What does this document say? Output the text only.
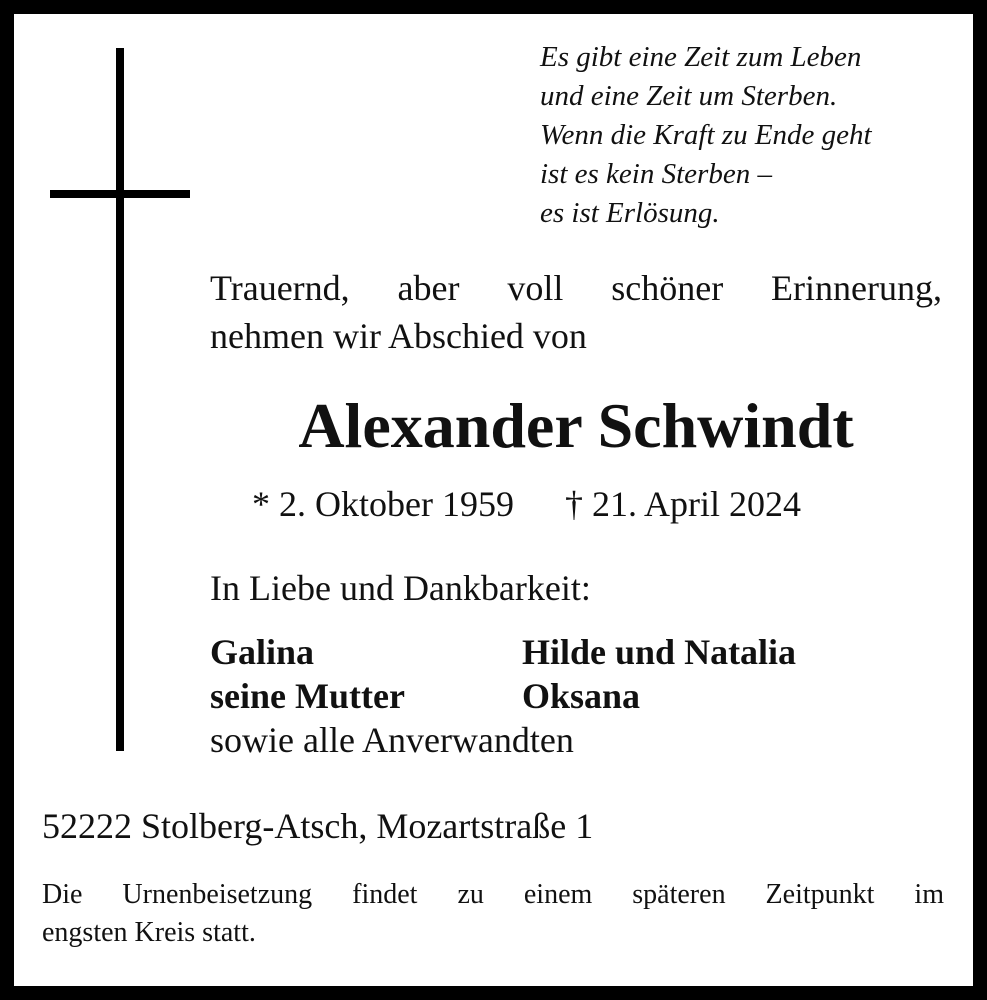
Es gibt eine Zeit zum Leben
und eine Zeit um Sterben.
Wenn die Kraft zu Ende geht
ist es kein Sterben –
es ist Erlösung.
Trauernd, aber voll schöner Erinnerung,
nehmen wir Abschied von
Alexander Schwindt
* 2. Oktober 1959 † 21. April 2024
In Liebe und Dankbarkeit:
Galina
seine Mutter
Hilde und Natalia
Oksana
sowie alle Anverwandten
52222 Stolberg-Atsch, Mozartstraße 1
Die Urnenbeisetzung findet zu einem späteren Zeitpunkt im
engsten Kreis statt.
